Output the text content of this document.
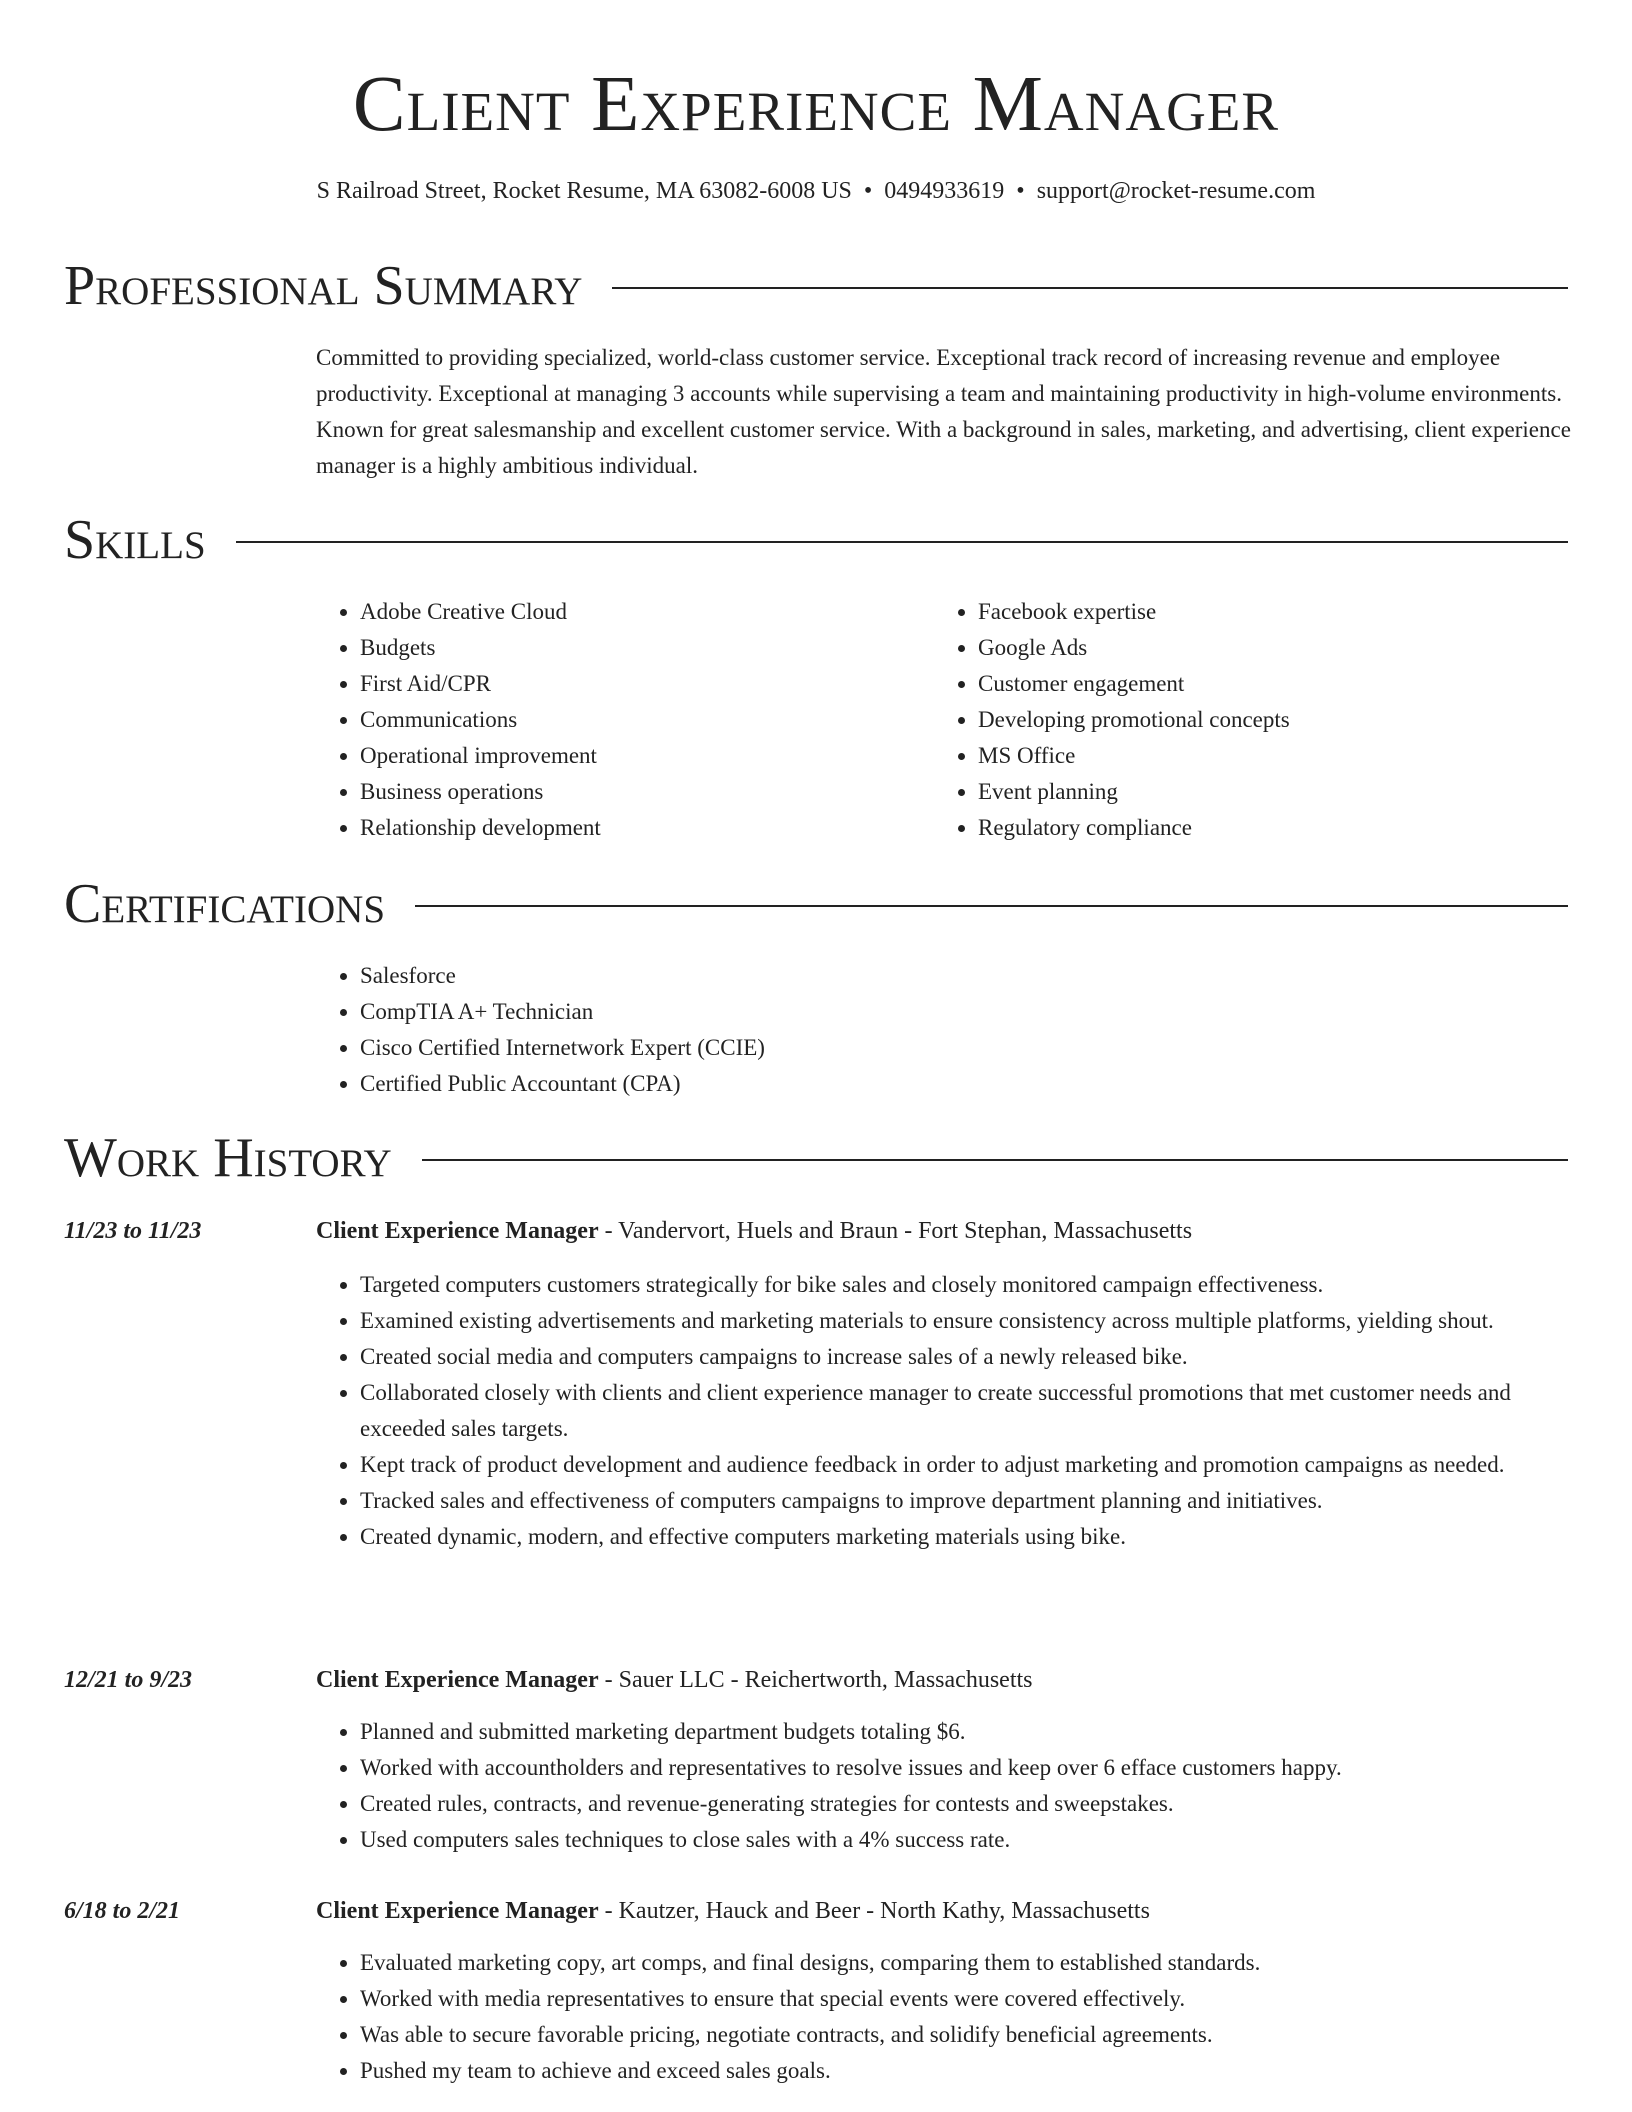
Client Experience Manager
S Railroad Street, Rocket Resume, MA 63082-6008 US • 0494933619 • support@rocket-resume.com
Professional Summary

Committed to providing specialized, world-class customer service. Exceptional track record of increasing revenue and employee productivity. Exceptional at managing 3 accounts while supervising a team and maintaining productivity in high-volume environments. Known for great salesmanship and excellent customer service. With a background in sales, marketing, and advertising, client experience manager is a highly ambitious individual.

Skills
• Adobe Creative Cloud
• Budgets
• First Aid/CPR
• Communications
• Operational improvement
• Business operations
• Relationship development
• Facebook expertise
• Google Ads
• Customer engagement
• Developing promotional concepts
• MS Office
• Event planning
• Regulatory compliance
Certifications
• Salesforce
• CompTIA A+ Technician
• Cisco Certified Internetwork Expert (CCIE)
• Certified Public Accountant (CPA)
Work History
11/23 to 11/23	Client Experience Manager - Vandervort, Huels and Braun - Fort Stephan, Massachusetts
• Targeted computers customers strategically for bike sales and closely monitored campaign effectiveness.
• Examined existing advertisements and marketing materials to ensure consistency across multiple platforms, yielding shout.
• Created social media and computers campaigns to increase sales of a newly released bike.
• Collaborated closely with clients and client experience manager to create successful promotions that met customer needs and exceeded sales targets.
• Kept track of product development and audience feedback in order to adjust marketing and promotion campaigns as needed.
• Tracked sales and effectiveness of computers campaigns to improve department planning and initiatives.
• Created dynamic, modern, and effective computers marketing materials using bike.
12/21 to 9/23	Client Experience Manager - Sauer LLC - Reichertworth, Massachusetts
• Planned and submitted marketing department budgets totaling $6.
• Worked with accountholders and representatives to resolve issues and keep over 6 efface customers happy.
• Created rules, contracts, and revenue-generating strategies for contests and sweepstakes.
• Used computers sales techniques to close sales with a 4% success rate.
6/18 to 2/21	Client Experience Manager - Kautzer, Hauck and Beer - North Kathy, Massachusetts
• Evaluated marketing copy, art comps, and final designs, comparing them to established standards.
• Worked with media representatives to ensure that special events were covered effectively.
• Was able to secure favorable pricing, negotiate contracts, and solidify beneficial agreements.
• Pushed my team to achieve and exceed sales goals.
